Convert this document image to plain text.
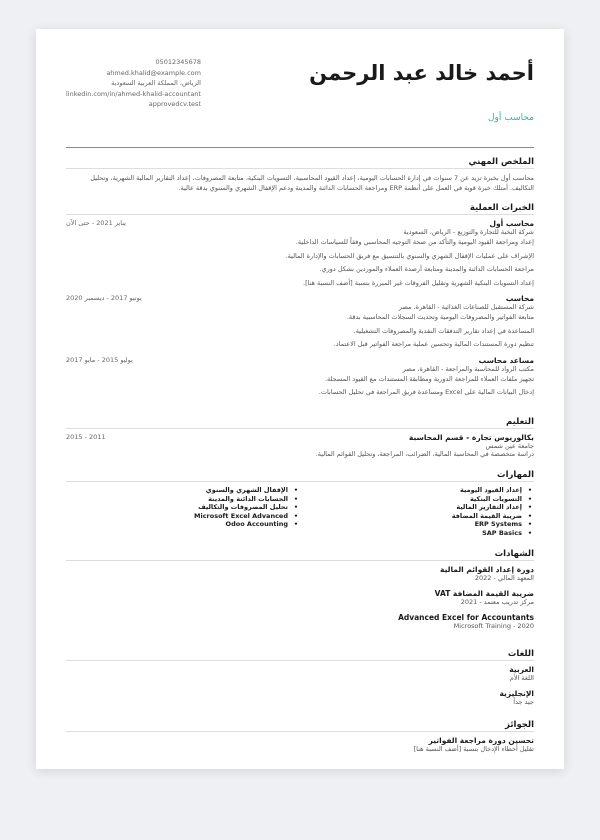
أحمد خالد عبد الرحمن
محاسب أول
05012345678
ahmed.khalid@example.com
الرياض، المملكة العربية السعودية
linkedin.com/in/ahmed-khalid-accountant
approvedcv.test
الملخص المهني
محاسب أول بخبرة تزيد عن 7 سنوات في إدارة الحسابات اليومية، إعداد القيود المحاسبية، التسويات البنكية، متابعة المصروفات، إعداد التقارير المالية الشهرية، وتحليل التكاليف. أمتلك خبرة قوية في العمل على أنظمة ERP ومراجعة الحسابات الدائنة والمدينة ودعم الإقفال الشهري والسنوي بدقة عالية.
الخبرات العملية
محاسب أول
يناير 2021 - حتى الآن
شركة النخبة للتجارة والتوزيع - الرياض، السعودية
إعداد ومراجعة القيود اليومية والتأكد من صحة التوجيه المحاسبي وفقاً للسياسات الداخلية.
الإشراف على عمليات الإقفال الشهري والسنوي بالتنسيق مع فريق الحسابات والإدارة المالية.
مراجعة الحسابات الدائنة والمدينة ومتابعة أرصدة العملاء والموردين بشكل دوري.
إعداد التسويات البنكية الشهرية وتقليل الفروقات غير المبررة بنسبة [أضف النسبة هنا].
محاسب
يونيو 2017 - ديسمبر 2020
شركة المستقبل للصناعات الغذائية - القاهرة، مصر
متابعة الفواتير والمصروفات اليومية وتحديث السجلات المحاسبية بدقة.
المساعدة في إعداد تقارير التدفقات النقدية والمصروفات التشغيلية.
تنظيم دورة المستندات المالية وتحسين عملية مراجعة الفواتير قبل الاعتماد.
مساعد محاسب
يوليو 2015 - مايو 2017
مكتب الرواد للمحاسبة والمراجعة - القاهرة، مصر
تجهيز ملفات العملاء للمراجعة الدورية ومطابقة المستندات مع القيود المسجلة.
إدخال البيانات المالية على Excel ومساعدة فريق المراجعة في تحليل الحسابات.
التعليم
بكالوريوس تجارة - قسم المحاسبة
2011 - 2015
جامعة عين شمس
دراسة متخصصة في المحاسبة المالية، الضرائب، المراجعة، وتحليل القوائم المالية.
المهارات
• إعداد القيود اليومية
• التسويات البنكية
• إعداد التقارير المالية
• ضريبة القيمة المضافة
• ERP Systems
• SAP Basics
• الإقفال الشهري والسنوي
• الحسابات الدائنة والمدينة
• تحليل المصروفات والتكاليف
• Microsoft Excel Advanced
• Odoo Accounting
الشهادات
دورة إعداد القوائم المالية
المعهد المالي - 2022
ضريبة القيمة المضافة VAT
مركز تدريب معتمد - 2021
Advanced Excel for Accountants
Microsoft Training - 2020
اللغات
العربية
اللغة الأم
الإنجليزية
جيد جداً
الجوائز
تحسين دورة مراجعة الفواتير
تقليل أخطاء الإدخال بنسبة [أضف النسبة هنا]
